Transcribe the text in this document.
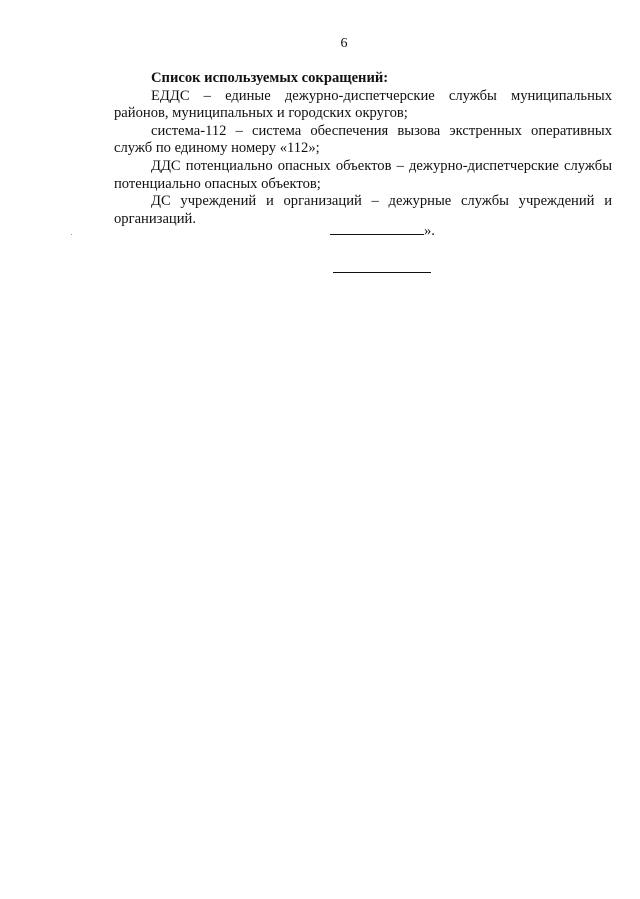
6

Список используемых сокращений:

ЕДДС – единые дежурно-диспетчерские службы муниципальных районов, муниципальных и городских округов;

система-112 – система обеспечения вызова экстренных оперативных служб по единому номеру «112»;

ДДС потенциально опасных объектов – дежурно-диспетчерские службы потенциально опасных объектов;

ДС учреждений и организаций – дежурные службы учреждений и организаций.

».
